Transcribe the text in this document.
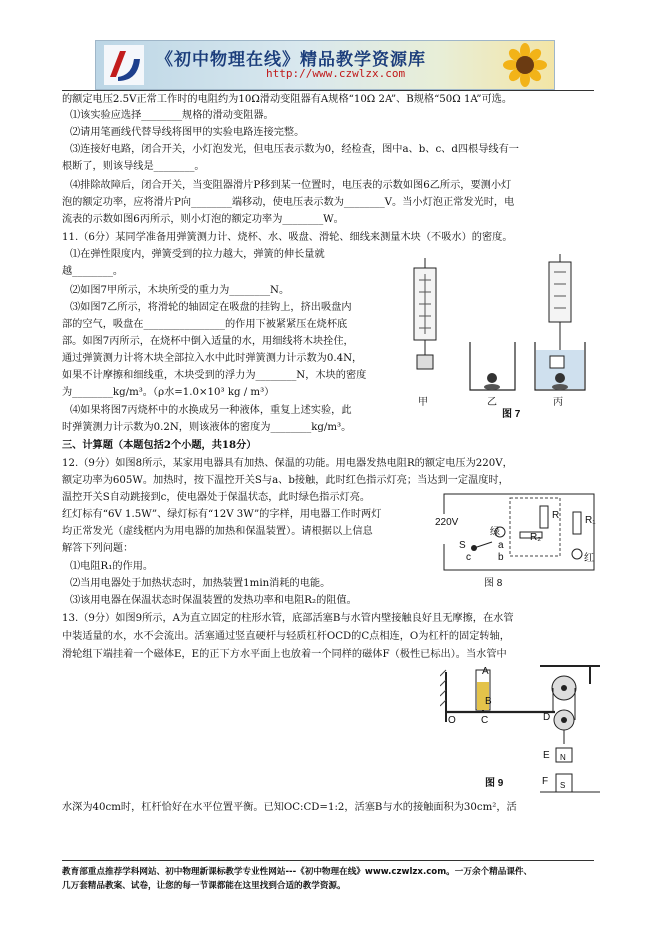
《初中物理在线》精品教学资源库
http://www.czwlzx.com
的额定电压2.5V正常工作时的电阻约为10Ω滑动变阻器有A规格“10Ω 2A”、B规格“50Ω 1A”可选。
⑴该实验应选择________规格的滑动变阻器。
⑵请用笔画线代替导线将图甲的实验电路连接完整。
⑶连接好电路，闭合开关，小灯泡发光，但电压表示数为0，经检查，图中a、b、c、d四根导线有一
根断了，则该导线是________。
⑷排除故障后，闭合开关，当变阻器滑片P移到某一位置时，电压表的示数如图6乙所示，要测小灯
泡的额定功率，应将滑片P向________端移动，使电压表示数为________V。当小灯泡正常发光时，电
流表的示数如图6丙所示，则小灯泡的额定功率为________W。
11.（6分）某同学准备用弹簧测力计、烧杯、水、吸盘、滑轮、细线来测量木块（不吸水）的密度。
⑴在弹性限度内，弹簧受到的拉力越大，弹簧的伸长量就
越________。
⑵如图7甲所示，木块所受的重力为________N。
⑶如图7乙所示，将滑轮的轴固定在吸盘的挂钩上，挤出吸盘内
部的空气，吸盘在________________的作用下被紧紧压在烧杯底
部。如图7丙所示，在烧杯中倒入适量的水，用细线将木块拴住，
通过弹簧测力计将木块全部拉入水中此时弹簧测力计示数为0.4N，
如果不计摩擦和细线重，木块受到的浮力为________N，木块的密度
为________kg/m³。（ρ水=1.0×10³ kg / m³）
⑷如果将图7丙烧杯中的水换成另一种液体，重复上述实验，此
时弹簧测力计示数为0.2N，则该液体的密度为________kg/m³。
三、计算题（本题包括2个小题，共18分）
12.（9分）如图8所示，某家用电器具有加热、保温的功能。用电器发热电阻R的额定电压为220V，
额定功率为605W。加热时，按下温控开关S与a、b接触，此时红色指示灯亮；当达到一定温度时，
温控开关S自动跳接到c，使电器处于保温状态，此时绿色指示灯亮。
红灯标有“6V 1.5W”、绿灯标有“12V 3W”的字样，用电器工作时两灯
均正常发光（虚线框内为用电器的加热和保温装置）。请根据以上信息
解答下列问题：
⑴电阻R₁的作用。
⑵当用电器处于加热状态时，加热装置1min消耗的电能。
⑶该用电器在保温状态时保温装置的发热功率和电阻R₂的阻值。
13.（9分）如图9所示，A为直立固定的柱形水管，底部活塞B与水管内壁接触良好且无摩擦，在水管
中装适量的水，水不会流出。活塞通过竖直硬杆与轻质杠杆OCD的C点相连，O为杠杆的固定转轴，
滑轮组下端挂着一个磁体E，E的正下方水平面上也放着一个同样的磁体F（极性已标出）。当水管中
水深为40cm时，杠杆恰好在水平位置平衡。已知OC:CD=1:2，活塞B与水的接触面积为30cm²，活
甲	乙	丙
图 7
220V
R	R₁
R₂
绿
红
S	a
b
c
图 8
A
B
C
O	D
E
F
N
S
图 9
教育部重点推荐学科网站、初中物理新课标教学专业性网站---《初中物理在线》www.czwlzx.com。一万余个精品课件、
几万套精品教案、试卷，让您的每一节课都能在这里找到合适的教学资源。
